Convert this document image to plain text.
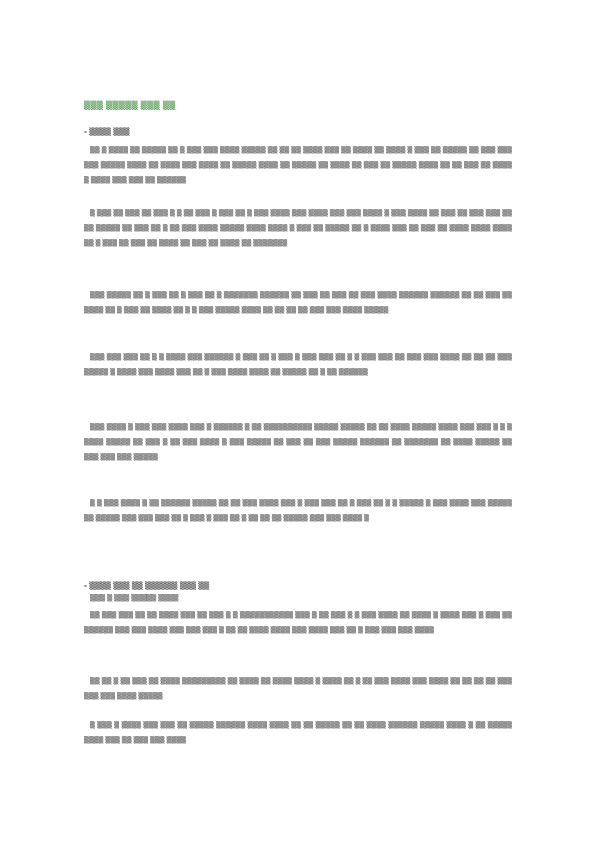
▒▒▒ ▒▒▒▒▒ ▒▒▒ ▒▒
- ▒▒▒▒ ▒▒▒
▒▒ ▒ ▒▒▒▒ ▒▒ ▒▒▒▒▒ ▒▒ ▒ ▒▒▒ ▒▒▒ ▒▒▒▒ ▒▒▒▒▒ ▒▒ ▒▒ ▒▒ ▒▒▒▒ ▒▒▒ ▒▒ ▒▒▒▒ ▒▒ ▒▒▒▒ ▒ ▒▒▒ ▒▒ ▒▒▒▒▒ ▒▒ ▒▒▒ ▒▒▒ ▒▒▒ ▒▒▒▒▒ ▒▒▒▒ ▒▒ ▒▒▒▒ ▒▒▒ ▒▒▒▒ ▒▒ ▒▒▒▒▒ ▒▒▒▒ ▒▒ ▒▒▒▒▒ ▒▒ ▒▒▒▒ ▒▒ ▒▒▒ ▒▒ ▒▒▒▒▒ ▒▒▒▒ ▒▒ ▒▒ ▒▒▒ ▒▒ ▒▒▒▒ ▒ ▒▒▒▒ ▒▒▒ ▒▒▒ ▒▒ ▒▒▒▒▒▒
▒ ▒▒▒ ▒▒ ▒▒▒ ▒▒ ▒▒▒ ▒ ▒ ▒▒ ▒▒▒ ▒ ▒▒▒ ▒▒ ▒ ▒▒▒ ▒▒▒▒ ▒▒▒ ▒▒▒▒ ▒▒▒ ▒▒▒ ▒▒▒▒ ▒ ▒▒▒ ▒▒▒▒ ▒▒ ▒▒▒ ▒▒ ▒▒▒ ▒▒▒ ▒▒ ▒▒ ▒▒▒▒▒ ▒▒ ▒▒▒ ▒▒ ▒ ▒▒ ▒▒▒ ▒▒▒▒ ▒▒▒▒▒ ▒▒▒▒ ▒▒▒▒ ▒ ▒▒▒ ▒▒ ▒▒▒▒▒ ▒▒ ▒ ▒▒▒▒ ▒▒▒ ▒▒ ▒▒▒ ▒▒ ▒▒▒▒ ▒▒▒▒ ▒▒▒▒ ▒▒ ▒ ▒▒▒ ▒▒ ▒▒▒ ▒▒ ▒▒▒▒ ▒▒ ▒▒▒ ▒▒ ▒▒▒▒ ▒▒ ▒▒▒▒▒▒▒
▒▒▒ ▒▒▒▒▒ ▒▒ ▒ ▒▒▒ ▒▒ ▒ ▒▒▒ ▒▒ ▒ ▒▒▒▒▒▒▒ ▒▒▒▒▒▒ ▒▒ ▒▒▒ ▒▒ ▒▒▒ ▒▒ ▒▒▒ ▒▒▒▒ ▒▒▒▒▒▒ ▒▒▒▒▒▒ ▒▒ ▒▒ ▒▒▒ ▒▒ ▒▒▒▒ ▒▒ ▒ ▒▒▒ ▒▒ ▒▒▒▒ ▒▒ ▒ ▒ ▒▒▒ ▒▒▒▒▒ ▒▒▒▒ ▒▒ ▒▒ ▒▒ ▒▒ ▒▒▒ ▒▒▒ ▒▒▒▒ ▒▒▒▒▒
▒▒▒ ▒▒▒ ▒▒▒ ▒▒ ▒ ▒ ▒▒▒▒ ▒▒▒ ▒▒▒▒▒▒ ▒ ▒▒▒ ▒▒ ▒ ▒▒▒ ▒ ▒▒▒ ▒▒▒ ▒▒ ▒ ▒ ▒▒▒ ▒▒▒ ▒▒ ▒▒▒ ▒▒▒ ▒▒▒▒ ▒▒ ▒▒ ▒▒ ▒▒▒ ▒▒▒▒▒ ▒ ▒▒▒▒ ▒▒▒ ▒▒▒▒ ▒▒▒ ▒▒ ▒ ▒▒▒ ▒▒▒▒ ▒▒▒▒ ▒▒ ▒▒▒▒▒ ▒▒ ▒ ▒▒ ▒▒▒▒▒▒
▒▒▒ ▒▒▒▒ ▒ ▒▒▒ ▒▒▒ ▒▒▒▒ ▒▒▒ ▒ ▒▒▒▒▒▒ ▒ ▒▒ ▒▒▒▒▒▒▒▒▒▒ ▒▒▒▒▒ ▒▒▒▒▒ ▒▒ ▒▒ ▒▒▒▒ ▒▒▒▒▒ ▒▒▒▒ ▒▒▒ ▒▒▒ ▒ ▒ ▒ ▒▒▒▒ ▒▒▒▒▒ ▒▒ ▒▒▒ ▒ ▒▒ ▒▒▒ ▒▒▒▒ ▒ ▒▒▒ ▒▒▒▒▒ ▒▒ ▒▒▒ ▒▒ ▒▒▒ ▒▒▒▒▒ ▒▒▒▒▒▒ ▒▒ ▒▒▒▒▒▒▒ ▒▒ ▒▒▒▒ ▒▒▒▒▒ ▒▒ ▒▒▒ ▒▒▒ ▒▒▒ ▒▒▒▒▒
▒ ▒ ▒▒▒ ▒▒▒▒ ▒ ▒▒ ▒▒▒▒▒▒ ▒▒▒▒▒ ▒▒ ▒▒ ▒▒▒ ▒▒▒▒ ▒▒▒ ▒ ▒▒▒ ▒▒▒ ▒▒ ▒ ▒▒▒ ▒▒ ▒ ▒ ▒▒▒▒▒ ▒ ▒▒▒ ▒▒▒▒ ▒▒▒ ▒▒▒▒▒ ▒▒ ▒▒▒▒▒ ▒▒▒ ▒▒▒ ▒▒▒ ▒▒ ▒ ▒▒▒ ▒ ▒▒▒ ▒▒ ▒ ▒▒ ▒▒ ▒▒ ▒▒▒▒▒ ▒▒▒ ▒▒▒ ▒▒▒▒ ▒
- ▒▒▒▒ ▒▒▒ ▒▒ ▒▒▒▒▒▒ ▒▒▒ ▒▒
▒▒▒ ▒ ▒▒▒ ▒▒▒▒▒ ▒▒▒▒
▒▒ ▒▒▒ ▒▒▒ ▒▒ ▒▒ ▒▒▒▒ ▒▒▒ ▒▒ ▒▒▒ ▒ ▒ ▒▒▒▒▒▒▒▒▒▒▒ ▒▒▒ ▒ ▒▒ ▒▒▒ ▒ ▒ ▒▒▒ ▒▒▒▒ ▒▒ ▒▒▒▒ ▒ ▒▒▒▒ ▒▒▒ ▒ ▒▒▒ ▒▒ ▒▒▒▒▒▒ ▒▒▒ ▒▒▒ ▒▒▒▒ ▒▒▒ ▒▒▒ ▒▒▒ ▒ ▒▒ ▒▒ ▒▒▒▒ ▒▒▒▒ ▒▒▒ ▒▒▒▒ ▒▒▒ ▒▒ ▒ ▒▒▒ ▒▒▒ ▒▒▒ ▒▒▒▒
▒▒ ▒▒ ▒ ▒▒ ▒▒▒ ▒▒ ▒▒▒▒ ▒▒▒▒▒▒▒▒▒ ▒▒ ▒▒▒▒ ▒▒ ▒▒▒▒ ▒▒▒▒ ▒ ▒▒▒▒ ▒▒ ▒ ▒▒ ▒▒▒ ▒▒▒▒ ▒▒▒ ▒▒▒▒ ▒▒ ▒▒ ▒▒ ▒▒ ▒▒▒ ▒▒▒ ▒▒▒ ▒▒▒▒ ▒▒▒▒▒
▒ ▒▒▒ ▒ ▒▒▒▒ ▒▒▒ ▒▒▒ ▒▒ ▒▒▒▒▒ ▒▒▒▒▒▒ ▒▒▒▒ ▒▒▒▒ ▒▒ ▒▒ ▒▒▒▒▒ ▒▒ ▒▒ ▒▒▒▒ ▒▒▒▒▒▒ ▒▒▒▒▒ ▒▒▒▒ ▒ ▒▒ ▒▒▒▒▒ ▒▒▒▒ ▒▒▒ ▒▒ ▒▒▒ ▒▒▒ ▒▒▒▒
